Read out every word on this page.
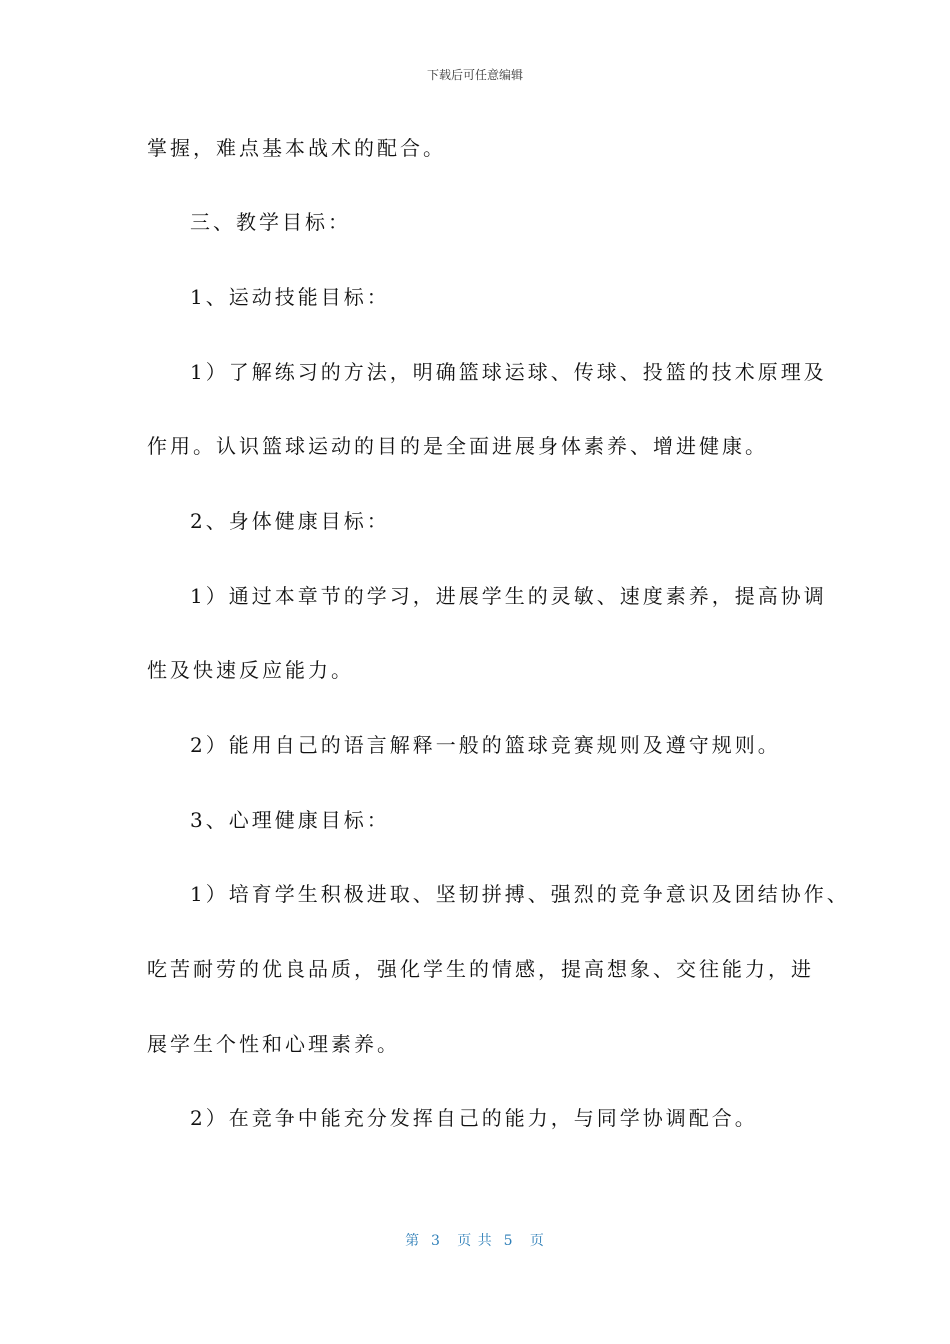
下载后可任意编辑
掌握，难点基本战术的配合。
三、教学目标：
1、运动技能目标：
1）了解练习的方法，明确篮球运球、传球、投篮的技术原理及
作用。认识篮球运动的目的是全面进展身体素养、增进健康。
2、身体健康目标：
1）通过本章节的学习，进展学生的灵敏、速度素养，提高协调
性及快速反应能力。
2）能用自己的语言解释一般的篮球竞赛规则及遵守规则。
3、心理健康目标：
1）培育学生积极进取、坚韧拼搏、强烈的竞争意识及团结协作、
吃苦耐劳的优良品质，强化学生的情感，提高想象、交往能力，进
展学生个性和心理素养。
2）在竞争中能充分发挥自己的能力，与同学协调配合。
第  3   页 共  5   页
